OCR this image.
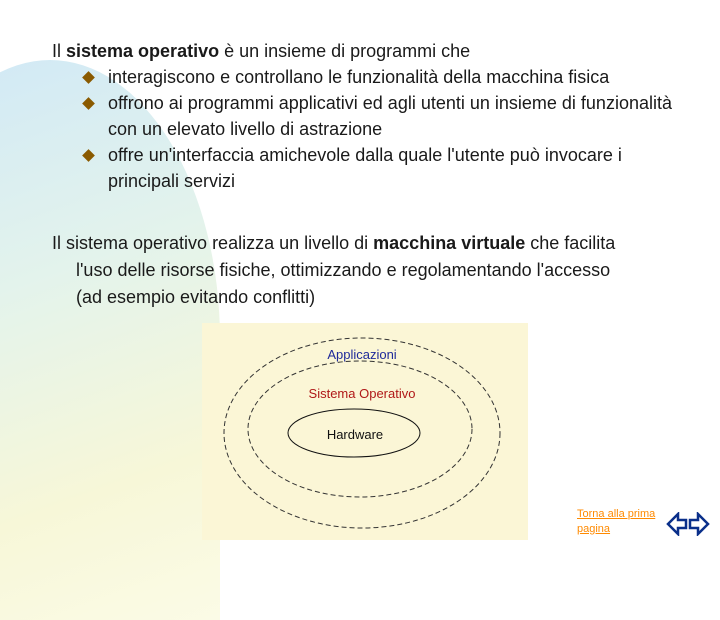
Il sistema operativo è un insieme di programmi che
interagiscono e controllano le funzionalità della macchina fisica
offrono ai programmi applicativi ed agli utenti un insieme di funzionalità con un elevato livello di astrazione
offre un'interfaccia amichevole dalla quale l'utente può invocare i principali servizi
Il sistema operativo realizza un livello di macchina virtuale che facilita
l'uso delle risorse fisiche, ottimizzando e regolamentando l'accesso
(ad esempio evitando conflitti)
Applicazioni
Sistema Operativo
Hardware
Torna alla prima pagina
